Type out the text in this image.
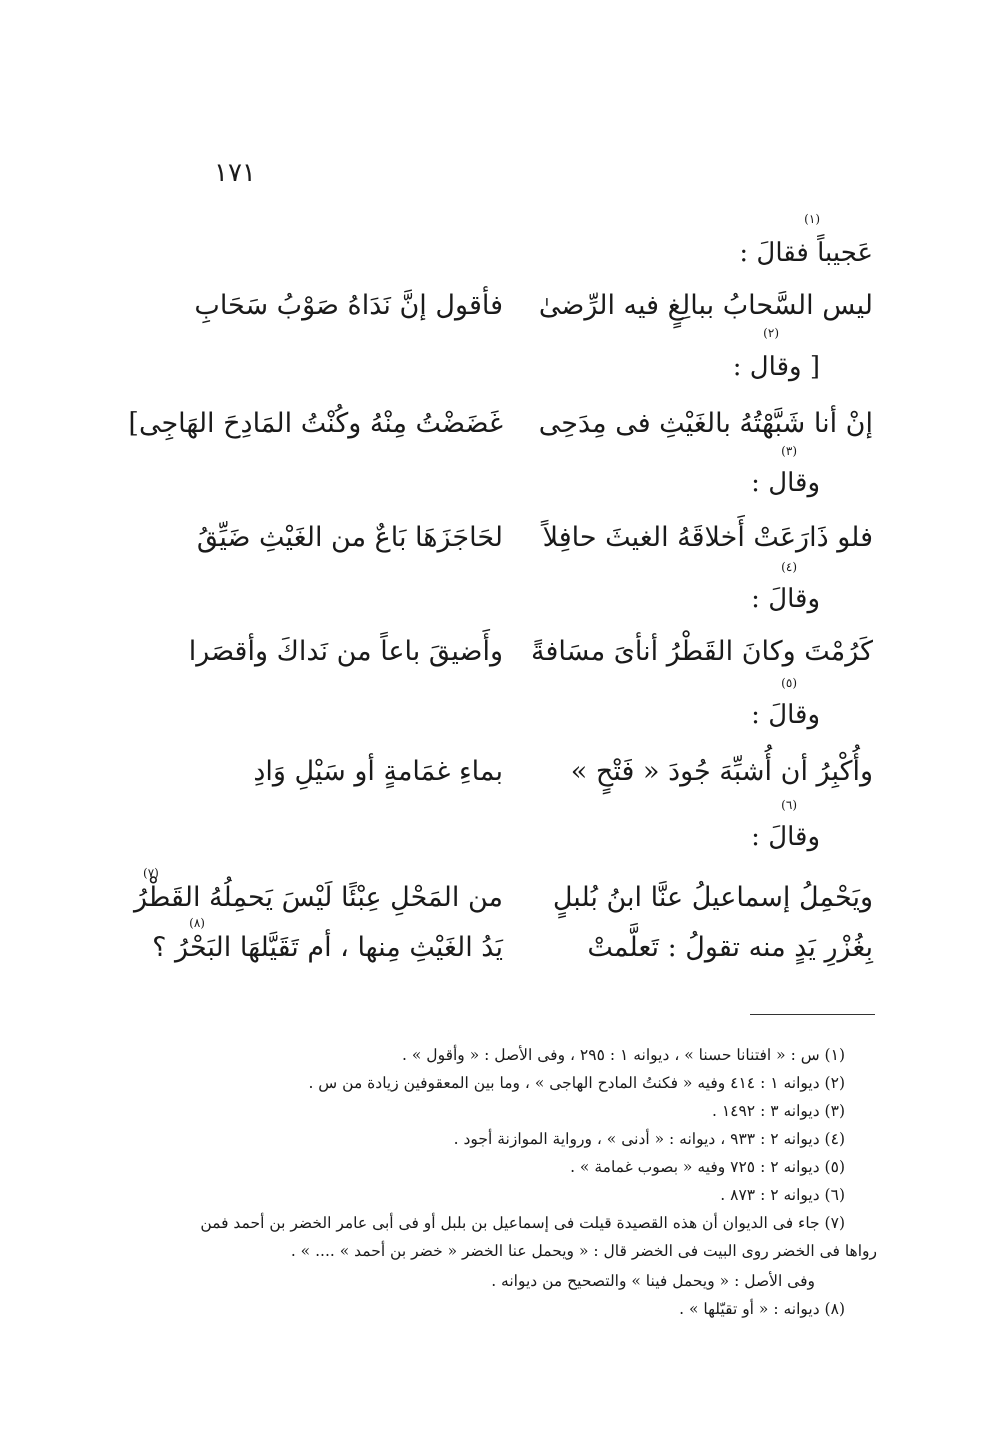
١٧١
عَجيباً فقالَ :
(١)
ليس السَّحابُ ببالِغٍ فيه الرِّضىٰ
فأقول إنَّ نَدَاهُ صَوْبُ سَحَابِ
[ وقال :
(٢)
إنْ أنا شَبَّهْتُهُ بالغَيْثِ فى مِدَحِى
غَضَضْتُ مِنْهُ وكُنْتُ المَادِحَ الهَاجِى]
وقال :
(٣)
فلو ذَارَعَتْ أَخلاقَهُ الغيثَ حافِلاً
لحَاجَزَهَا بَاعٌ من الغَيْثِ ضَيِّقُ
وقالَ :
(٤)
كَرُمْتَ وكانَ القَطْرُ أنأىَ مسَافةً
وأَضيقَ باعاً من نَداكَ وأقصَرا
وقالَ :
(٥)
وأُكْبِرُ أن أُشبِّهَ جُودَ « فَتْحٍ »
بماءِ غمَامةٍ أو سَيْلِ وَادِ
وقالَ :
(٦)
ويَحْمِلُ إسماعيلُ عنَّا ابنُ بُلبلٍ
من المَحْلِ عِبْئًا لَيْسَ يَحمِلُهُ القَطْرُ
(٧)
بِغُزْرِ يَدٍ منه تقولُ : تَعلَّمتْ
يَدُ الغَيْثِ مِنها ، أم تَقَيَّلهَا البَحْرُ ؟
(٨)
(١) س : « افتنانا حسنا » ، ديوانه ١ : ٢٩٥ ، وفى الأصل : « وأقول » .
(٢) ديوانه ١ : ٤١٤ وفيه « فكنتُ المادح الهاجى » ، وما بين المعقوفين زيادة من س .
(٣) ديوانه ٣ : ١٤٩٢ .
(٤) ديوانه ٢ : ٩٣٣ ، ديوانه : « أدنى » ، ورواية الموازنة أجود .
(٥) ديوانه ٢ : ٧٢٥ وفيه « بصوب غمامة » .
(٦) ديوانه ٢ : ٨٧٣ .
(٧) جاء فى الديوان أن هذه القصيدة قيلت فى إسماعيل بن بلبل أو فى أبى عامر الخضر بن أحمد فمن
رواها فى الخضر روى البيت فى الخضر قال : « ويحمل عنا الخضر « خضر بن أحمد » .... » .
وفى الأصل : « ويحمل فينا » والتصحيح من ديوانه .
(٨) ديوانه : « أو تقيّلها » .
